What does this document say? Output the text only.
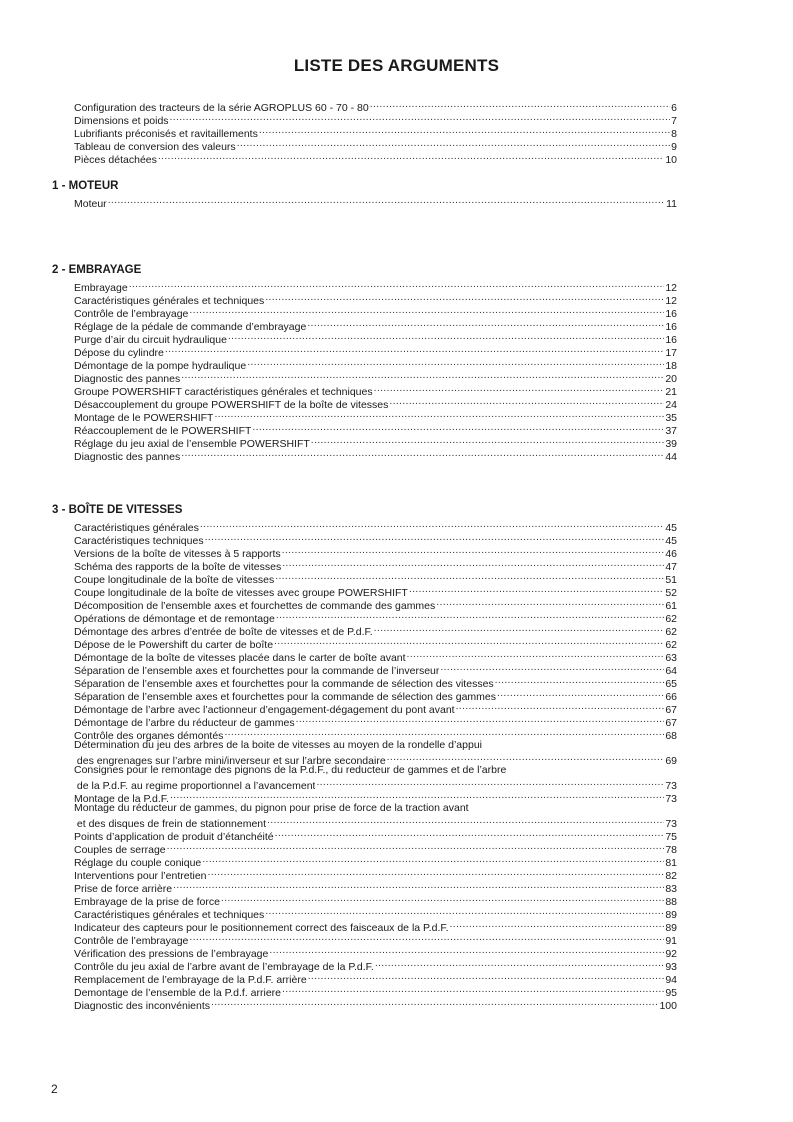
LISTE DES ARGUMENTS
Configuration des tracteurs de la série AGROPLUS 60 - 70 - 80 .....	6
Dimensions et poids .....	7
Lubrifiants préconisés et ravitaillements .....	8
Tableau de conversion des valeurs .....	9
Pièces détachées .....	10
1 - MOTEUR
Moteur .....	11
2 - EMBRAYAGE
Embrayage .....	12
Caractéristiques générales et techniques .....	12
Contrôle de l’embrayage .....	16
Réglage de la pédale de commande d’embrayage .....	16
Purge d’air du circuit hydraulique .....	16
Dépose du cylindre .....	17
Démontage de la pompe hydraulique .....	18
Diagnostic des pannes .....	20
Groupe POWERSHIFT caractéristiques générales et techniques .....	21
Désaccouplement du groupe POWERSHIFT de la boîte de vitesses .....	24
Montage de le POWERSHIFT .....	35
Réaccouplement de le POWERSHIFT .....	37
Réglage du jeu axial de l’ensemble POWERSHIFT .....	39
Diagnostic des pannes .....	44
3 - BOÎTE DE VITESSES
Caractéristiques générales .....	45
Caractéristiques techniques .....	45
Versions de la boîte de vitesses à 5 rapports .....	46
Schéma des rapports de la boîte de vitesses .....	47
Coupe longitudinale de la boîte de vitesses .....	51
Coupe longitudinale de la boîte de vitesses avec groupe POWERSHIFT .....	52
Décomposition de l’ensemble axes et fourchettes de commande des gammes .....	61
Opérations de démontage et de remontage .....	62
Démontage des arbres d’entrée de boîte de vitesses et de P.d.F. .....	62
Dépose de le Powershift du carter de boîte .....	62
Démontage de la boîte de vitesses placée dans le carter de boîte avant .....	63
Séparation de l’ensemble axes et fourchettes pour la commande de l’inverseur .....	64
Séparation de l’ensemble axes et fourchettes pour la commande de sélection des vitesses .....	65
Séparation de l’ensemble axes et fourchettes pour la commande de sélection des gammes .....	66
Démontage de l’arbre avec l’actionneur d’engagement-dégagement du pont avant .....	67
Démontage de l’arbre du réducteur de gammes .....	67
Contrôle des organes démontés .....	68
Détermination du jeu des arbres de la boite de vitesses au moyen de la rondelle d’appui
des engrenages sur l’arbre mini/inverseur et sur l’arbre secondaire .....	69
Consignes pour le remontage des pignons de la P.d.F., du reducteur de gammes et de l’arbre
de la P.d.F. au regime proportionnel a l’avancement .....	73
Montage de la P.d.F. .....	73
Montage du réducteur de gammes, du pignon pour prise de force de la traction avant
et des disques de frein de stationnement .....	73
Points d’application de produit d’étanchéité .....	75
Couples de serrage .....	78
Réglage du couple conique .....	81
Interventions pour l’entretien .....	82
Prise de force arrière .....	83
Embrayage de la prise de force .....	88
Caractéristiques générales et techniques .....	89
Indicateur des capteurs pour le positionnement correct des faisceaux de la P.d.F. .....	89
Contrôle de l’embrayage .....	91
Vérification des pressions de l’embrayage .....	92
Contrôle du jeu axial de l’arbre avant de l’embrayage de la P.d.F. .....	93
Remplacement de l’embrayage de la P.d.F. arrière .....	94
Demontage de l’ensemble de la P.d.f. arriere .....	95
Diagnostic des inconvénients .....	100
2
